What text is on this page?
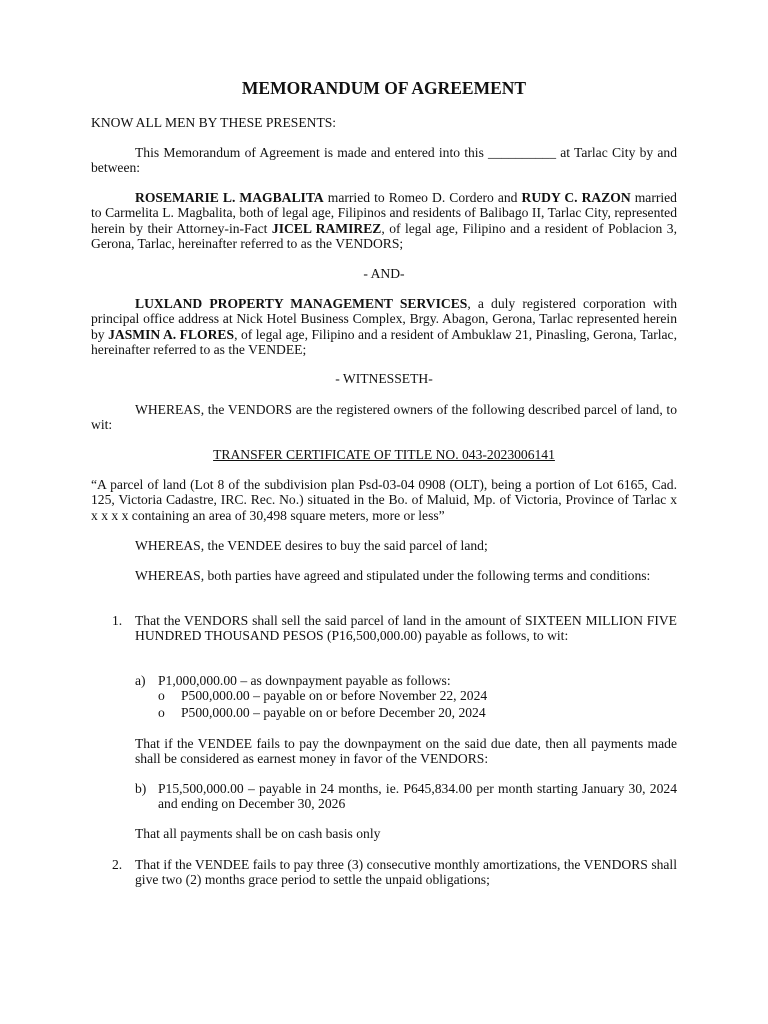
MEMORANDUM OF AGREEMENT
KNOW ALL MEN BY THESE PRESENTS:
This Memorandum of Agreement is made and entered into this __________ at Tarlac City by and between:
ROSEMARIE L. MAGBALITA married to Romeo D. Cordero and RUDY C. RAZON married to Carmelita L. Magbalita, both of legal age, Filipinos and residents of Balibago II, Tarlac City, represented herein by their Attorney-in-Fact JICEL RAMIREZ, of legal age, Filipino and a resident of Poblacion 3, Gerona, Tarlac, hereinafter referred to as the VENDORS;
- AND-
LUXLAND PROPERTY MANAGEMENT SERVICES, a duly registered corporation with principal office address at Nick Hotel Business Complex, Brgy. Abagon, Gerona, Tarlac represented herein by JASMIN A. FLORES, of legal age, Filipino and a resident of Ambuklaw 21, Pinasling, Gerona, Tarlac, hereinafter referred to as the VENDEE;
- WITNESSETH-
WHEREAS, the VENDORS are the registered owners of the following described parcel of land, to wit:
TRANSFER CERTIFICATE OF TITLE NO. 043-2023006141
“A parcel of land (Lot 8 of the subdivision plan Psd-03-04 0908 (OLT), being a portion of Lot 6165, Cad. 125, Victoria Cadastre, IRC. Rec. No.) situated in the Bo. of Maluid, Mp. of Victoria, Province of Tarlac x x x x x containing an area of 30,498 square meters, more or less”
WHEREAS, the VENDEE desires to buy the said parcel of land;
WHEREAS, both parties have agreed and stipulated under the following terms and conditions:
1. That the VENDORS shall sell the said parcel of land in the amount of SIXTEEN MILLION FIVE HUNDRED THOUSAND PESOS (P16,500,000.00) payable as follows, to wit:
a) P1,000,000.00 – as downpayment payable as follows:
o	P500,000.00 – payable on or before November 22, 2024
o	P500,000.00 – payable on or before December 20, 2024
That if the VENDEE fails to pay the downpayment on the said due date, then all payments made shall be considered as earnest money in favor of the VENDORS:
b) P15,500,000.00 – payable in 24 months, ie. P645,834.00 per month starting January 30, 2024 and ending on December 30, 2026
That all payments shall be on cash basis only
2. That if the VENDEE fails to pay three (3) consecutive monthly amortizations, the VENDORS shall give two (2) months grace period to settle the unpaid obligations;
